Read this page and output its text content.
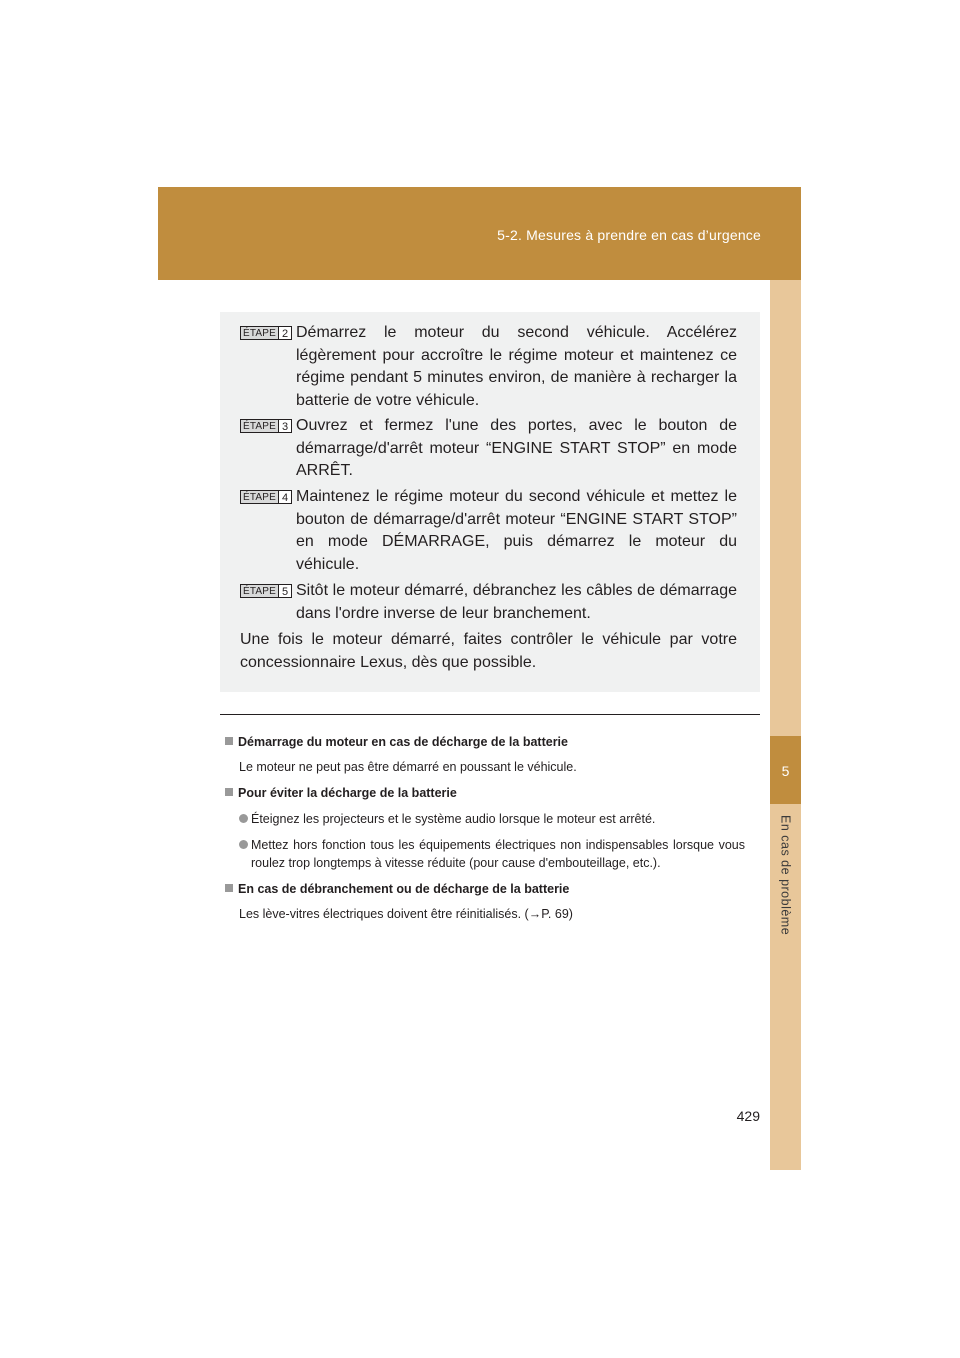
5-2. Mesures à prendre en cas d’urgence
5
En cas de problème
ÉTAPE 2 Démarrez le moteur du second véhicule. Accélérez légèrement pour accroître le régime moteur et maintenez ce régime pendant 5 minutes environ, de manière à recharger la batterie de votre véhicule.
ÉTAPE 3 Ouvrez et fermez l'une des portes, avec le bouton de démarrage/d'arrêt moteur “ENGINE START STOP” en mode ARRÊT.
ÉTAPE 4 Maintenez le régime moteur du second véhicule et mettez le bouton de démarrage/d'arrêt moteur “ENGINE START STOP” en mode DÉMARRAGE, puis démarrez le moteur du véhicule.
ÉTAPE 5 Sitôt le moteur démarré, débranchez les câbles de démarrage dans l'ordre inverse de leur branchement.
Une fois le moteur démarré, faites contrôler le véhicule par votre concessionnaire Lexus, dès que possible.
Démarrage du moteur en cas de décharge de la batterie
Le moteur ne peut pas être démarré en poussant le véhicule.
Pour éviter la décharge de la batterie
Éteignez les projecteurs et le système audio lorsque le moteur est arrêté.
Mettez hors fonction tous les équipements électriques non indispensables lorsque vous roulez trop longtemps à vitesse réduite (pour cause d'embouteillage, etc.).
En cas de débranchement ou de décharge de la batterie
Les lève-vitres électriques doivent être réinitialisés. (→P. 69)
429
